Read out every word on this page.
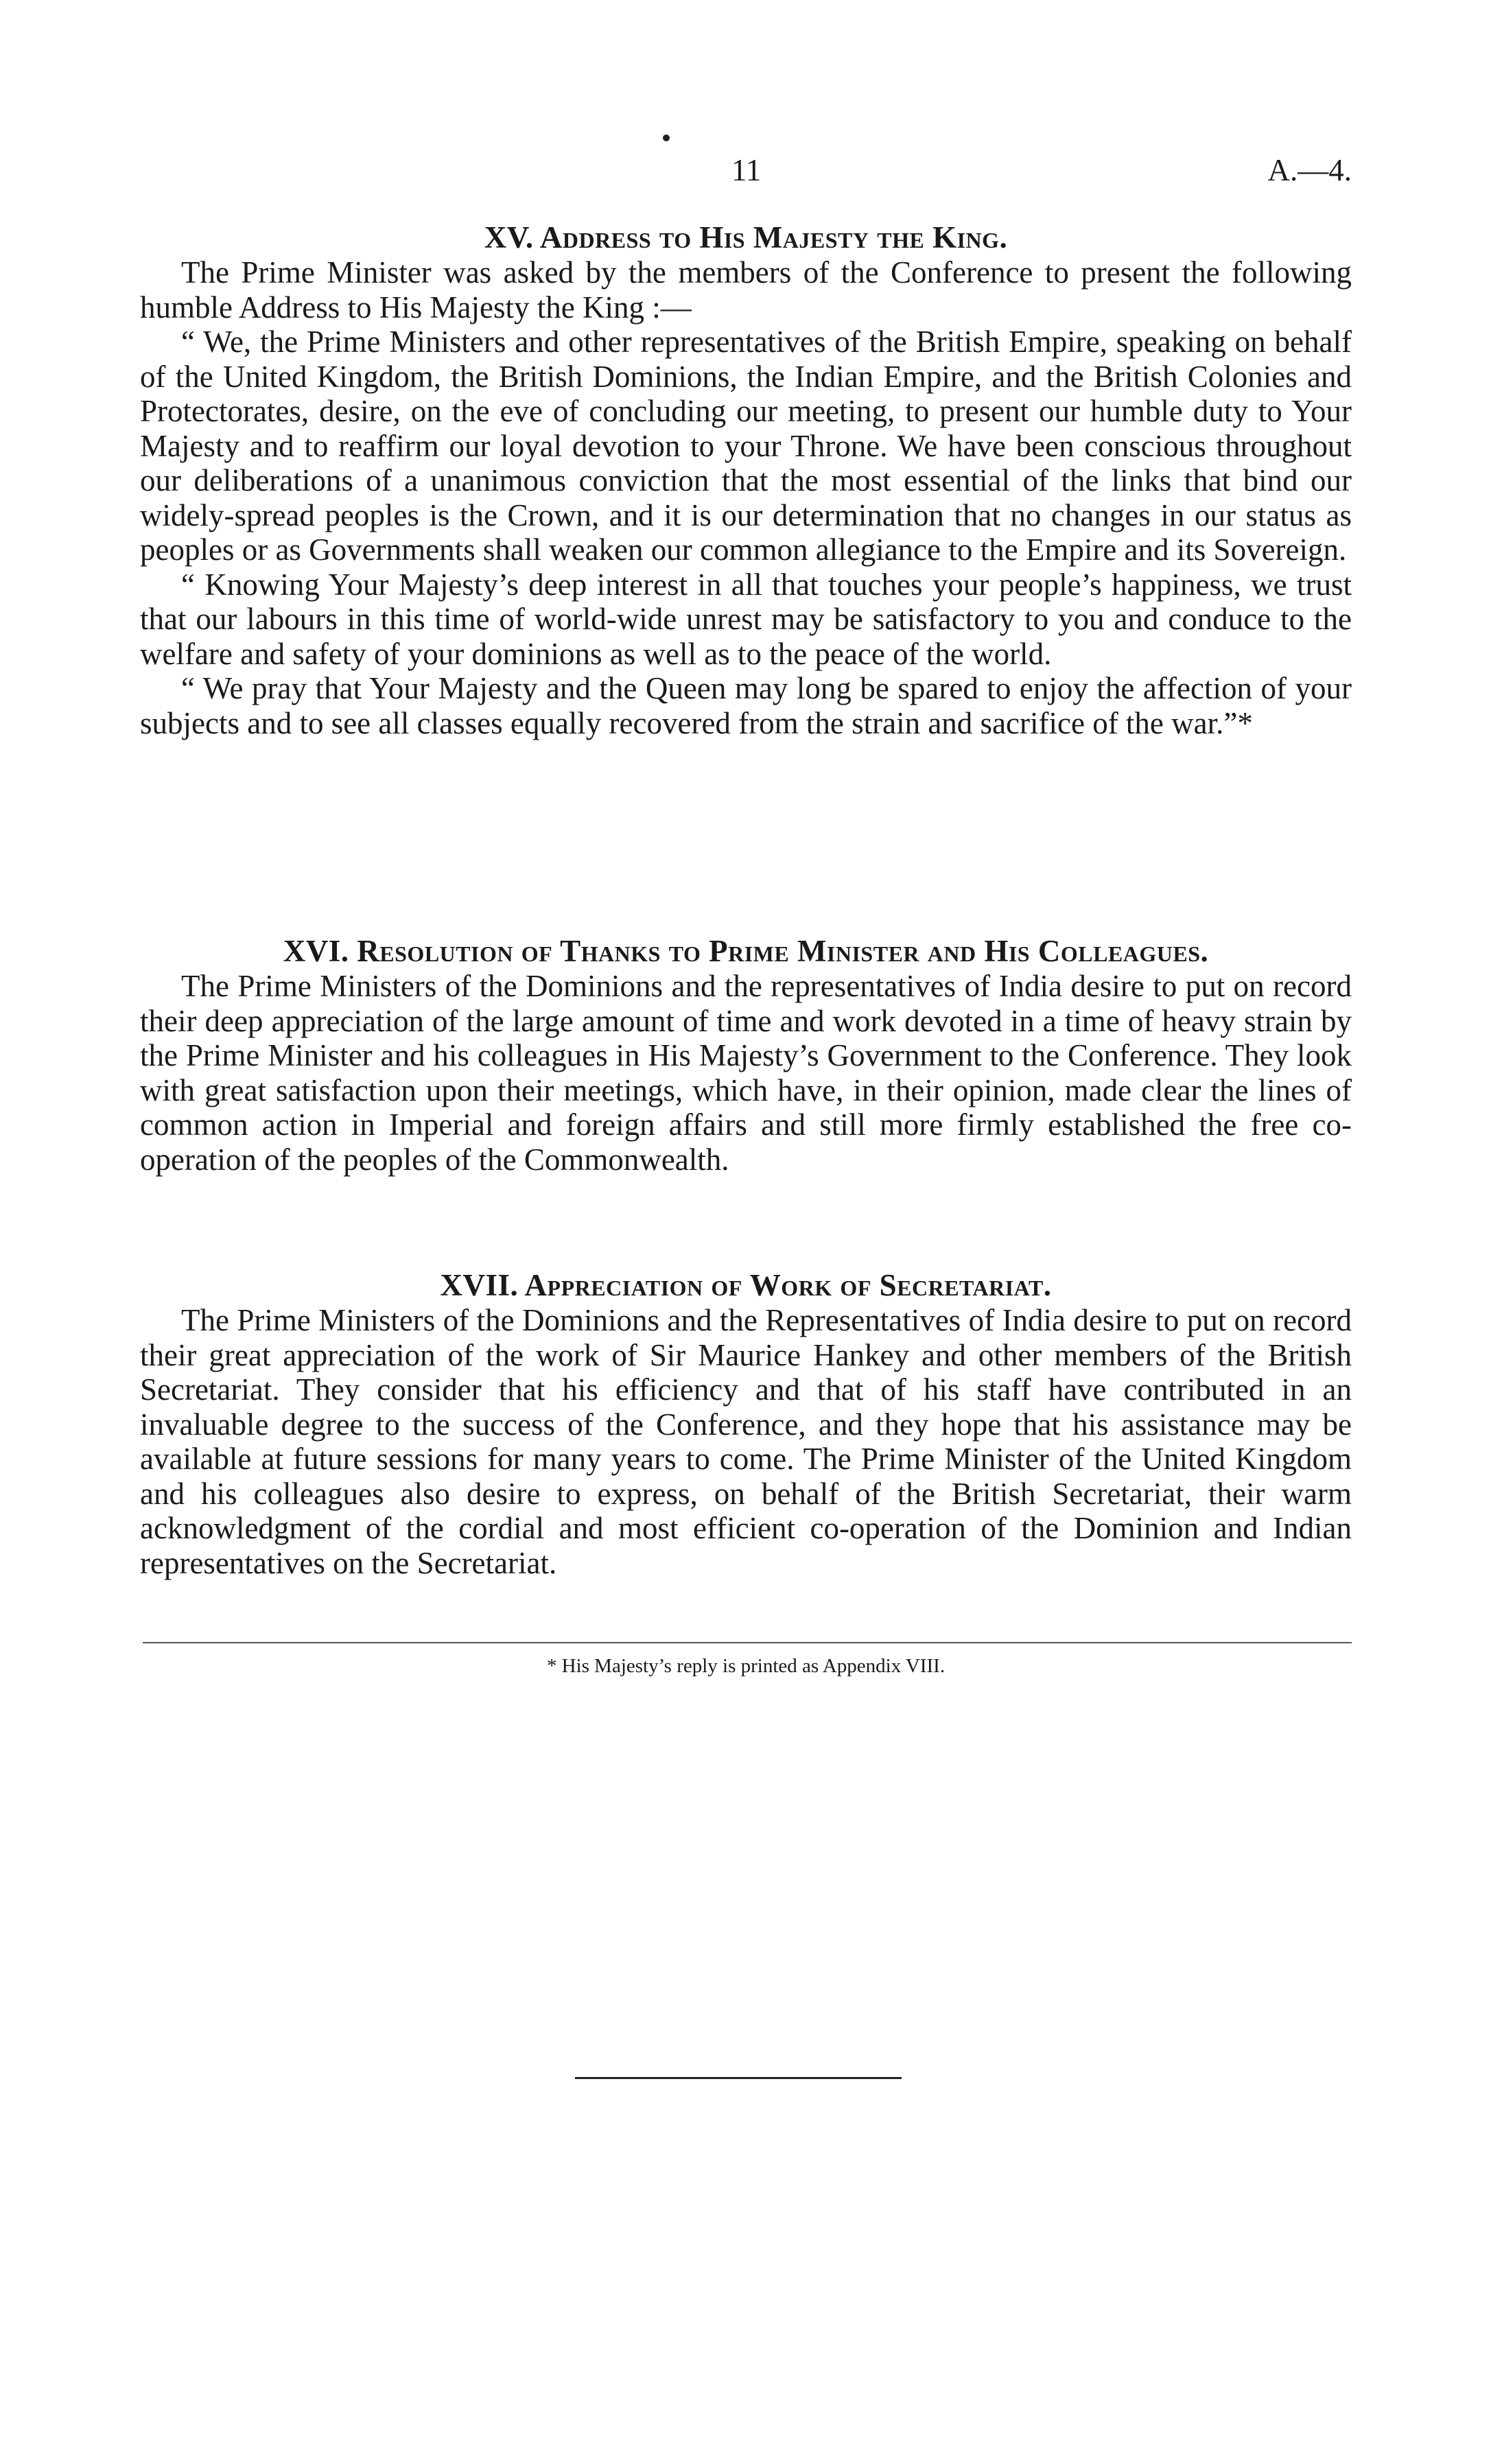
11	A.—4.
XV. Address to His Majesty the King.

The Prime Minister was asked by the members of the Conference to present the following humble Address to His Majesty the King :—

“ We, the Prime Ministers and other representatives of the British Empire, speaking on behalf of the United Kingdom, the British Dominions, the Indian Empire, and the British Colonies and Protectorates, desire, on the eve of concluding our meeting, to present our humble duty to Your Majesty and to reaffirm our loyal devotion to your Throne. We have been conscious throughout our deliberations of a unanimous conviction that the most essential of the links that bind our widely-spread peoples is the Crown, and it is our determination that no changes in our status as peoples or as Governments shall weaken our common allegiance to the Empire and its Sovereign.

“ Knowing Your Majesty’s deep interest in all that touches your people’s happiness, we trust that our labours in this time of world-wide unrest may be satisfactory to you and conduce to the welfare and safety of your dominions as well as to the peace of the world.

“ We pray that Your Majesty and the Queen may long be spared to enjoy the affection of your subjects and to see all classes equally recovered from the strain and sacrifice of the war.”*

XVI. Resolution of Thanks to Prime Minister and His Colleagues.

The Prime Ministers of the Dominions and the representatives of India desire to put on record their deep appreciation of the large amount of time and work devoted in a time of heavy strain by the Prime Minister and his colleagues in His Majesty’s Government to the Conference. They look with great satisfaction upon their meetings, which have, in their opinion, made clear the lines of common action in Imperial and foreign affairs and still more firmly established the free co-operation of the peoples of the Commonwealth.

XVII. Appreciation of Work of Secretariat.

The Prime Ministers of the Dominions and the Representatives of India desire to put on record their great appreciation of the work of Sir Maurice Hankey and other members of the British Secretariat. They consider that his efficiency and that of his staff have contributed in an invaluable degree to the success of the Conference, and they hope that his assistance may be available at future sessions for many years to come. The Prime Minister of the United Kingdom and his colleagues also desire to express, on behalf of the British Secretariat, their warm acknowledgment of the cordial and most efficient co-operation of the Dominion and Indian representatives on the Secretariat.

* His Majesty’s reply is printed as Appendix VIII.
